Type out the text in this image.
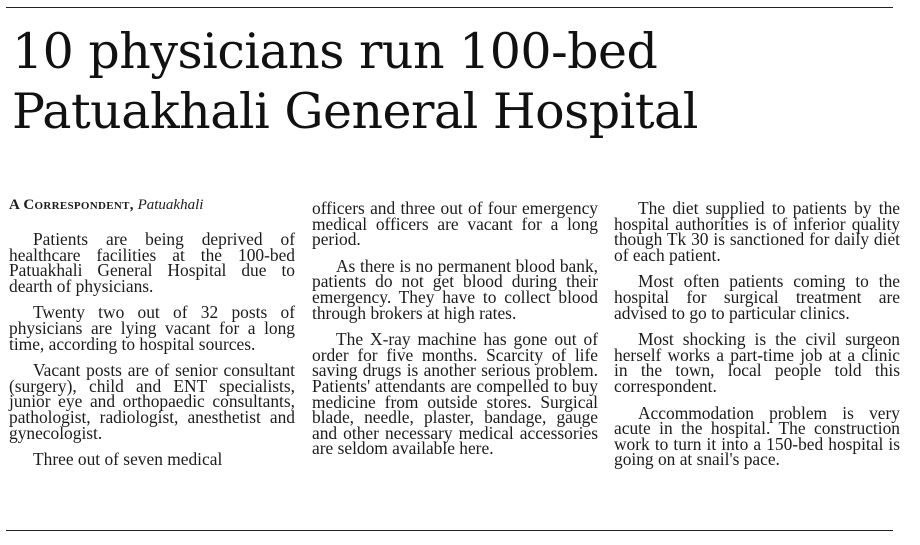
10 physicians run 100-bed Patuakhali General Hospital
A Correspondent, Patuakhali

Patients are being deprived of healthcare facilities at the 100-bed Patuakhali General Hospital due to dearth of physicians.

Twenty two out of 32 posts of physicians are lying vacant for a long time, according to hospital sources.

Vacant posts are of senior consultant (surgery), child and ENT specialists, junior eye and orthopaedic consultants, pathologist, radiologist, anesthetist and gynecologist.

Three out of seven medical

officers and three out of four emergency medical officers are vacant for a long period.

As there is no permanent blood bank, patients do not get blood during their emergency. They have to collect blood through brokers at high rates.

The X-ray machine has gone out of order for five months. Scarcity of life saving drugs is another serious problem. Patients' attendants are compelled to buy medicine from outside stores. Surgical blade, needle, plaster, bandage, gauge and other necessary medical accessories are seldom available here.

The diet supplied to patients by the hospital authorities is of inferior quality though Tk 30 is sanctioned for daily diet of each patient.

Most often patients coming to the hospital for surgical treatment are advised to go to particular clinics.

Most shocking is the civil surgeon herself works a part-time job at a clinic in the town, local people told this correspondent.

Accommodation problem is very acute in the hospital. The construction work to turn it into a 150-bed hospital is going on at snail's pace.
